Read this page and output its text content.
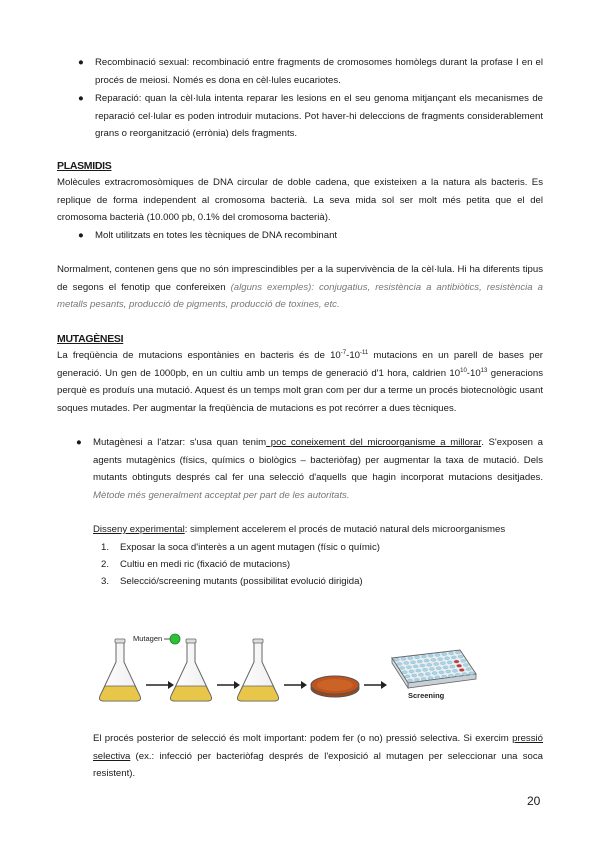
● Recombinació sexual: recombinació entre fragments de cromosomes homòlegs durant la profase I en el procés de meiosi. Només es dona en cèl·lules eucariotes.
● Reparació: quan la cèl·lula intenta reparar les lesions en el seu genoma mitjançant els mecanismes de reparació cel·lular es poden introduir mutacions. Pot haver-hi deleccions de fragments considerablement grans o reorganització (errònia) dels fragments.

PLASMIDIS

Molècules extracromosòmiques de DNA circular de doble cadena, que existeixen a la natura als bacteris. Es replique de forma independent al cromosoma bacterià. La seva mida sol ser molt més petita que el del cromosoma bacterià (10.000 pb, 0.1% del cromosoma bacterià).

● Molt utilitzats en totes les tècniques de DNA recombinant

Normalment, contenen gens que no són imprescindibles per a la supervivència de la cèl·lula. Hi ha diferents tipus de segons el fenotip que confereixen (alguns exemples): conjugatius, resistència a antibiòtics, resistència a metalls pesants, producció de pigments, producció de toxines, etc.

MUTAGÈNESI

La freqüència de mutacions espontànies en bacteris és de $10^{-7}-10^{-11}$ mutacions en un parell de bases per generació. Un gen de 1000pb, en un cultiu amb un temps de generació d'1 hora, caldrien $10^{10}-10^{13}$ generacions perquè es produís una mutació. Aquest és un temps molt gran com per dur a terme un procés biotecnològic usant soques mutades. Per augmentar la freqüència de mutacions es pot recórrer a dues tècniques.

● Mutagènesi a l'atzar: s'usa quan tenim poc coneixement del microorganisme a millorar. S'exposen a agents mutagènics (físics, químics o biològics – bacteriòfag) per augmentar la taxa de mutació. Dels mutants obtinguts després cal fer una selecció d'aquells que hagin incorporat mutacions desitjades. Mètode més generalment acceptat per part de les autoritats.

Disseny experimental: simplement accelerem el procés de mutació natural dels microorganismes

1. Exposar la soca d'interès a un agent mutagen (físic o químic)
2. Cultiu en medi ric (fixació de mutacions)
3. Selecció/screening mutants (possibilitat evolució dirigida)
Mutagen
Screening

El procés posterior de selecció és molt important: podem fer (o no) pressió selectiva. Si exercim pressió selectiva (ex.: infecció per bacteriòfag després de l'exposició al mutagen per seleccionar una soca resistent).

20
